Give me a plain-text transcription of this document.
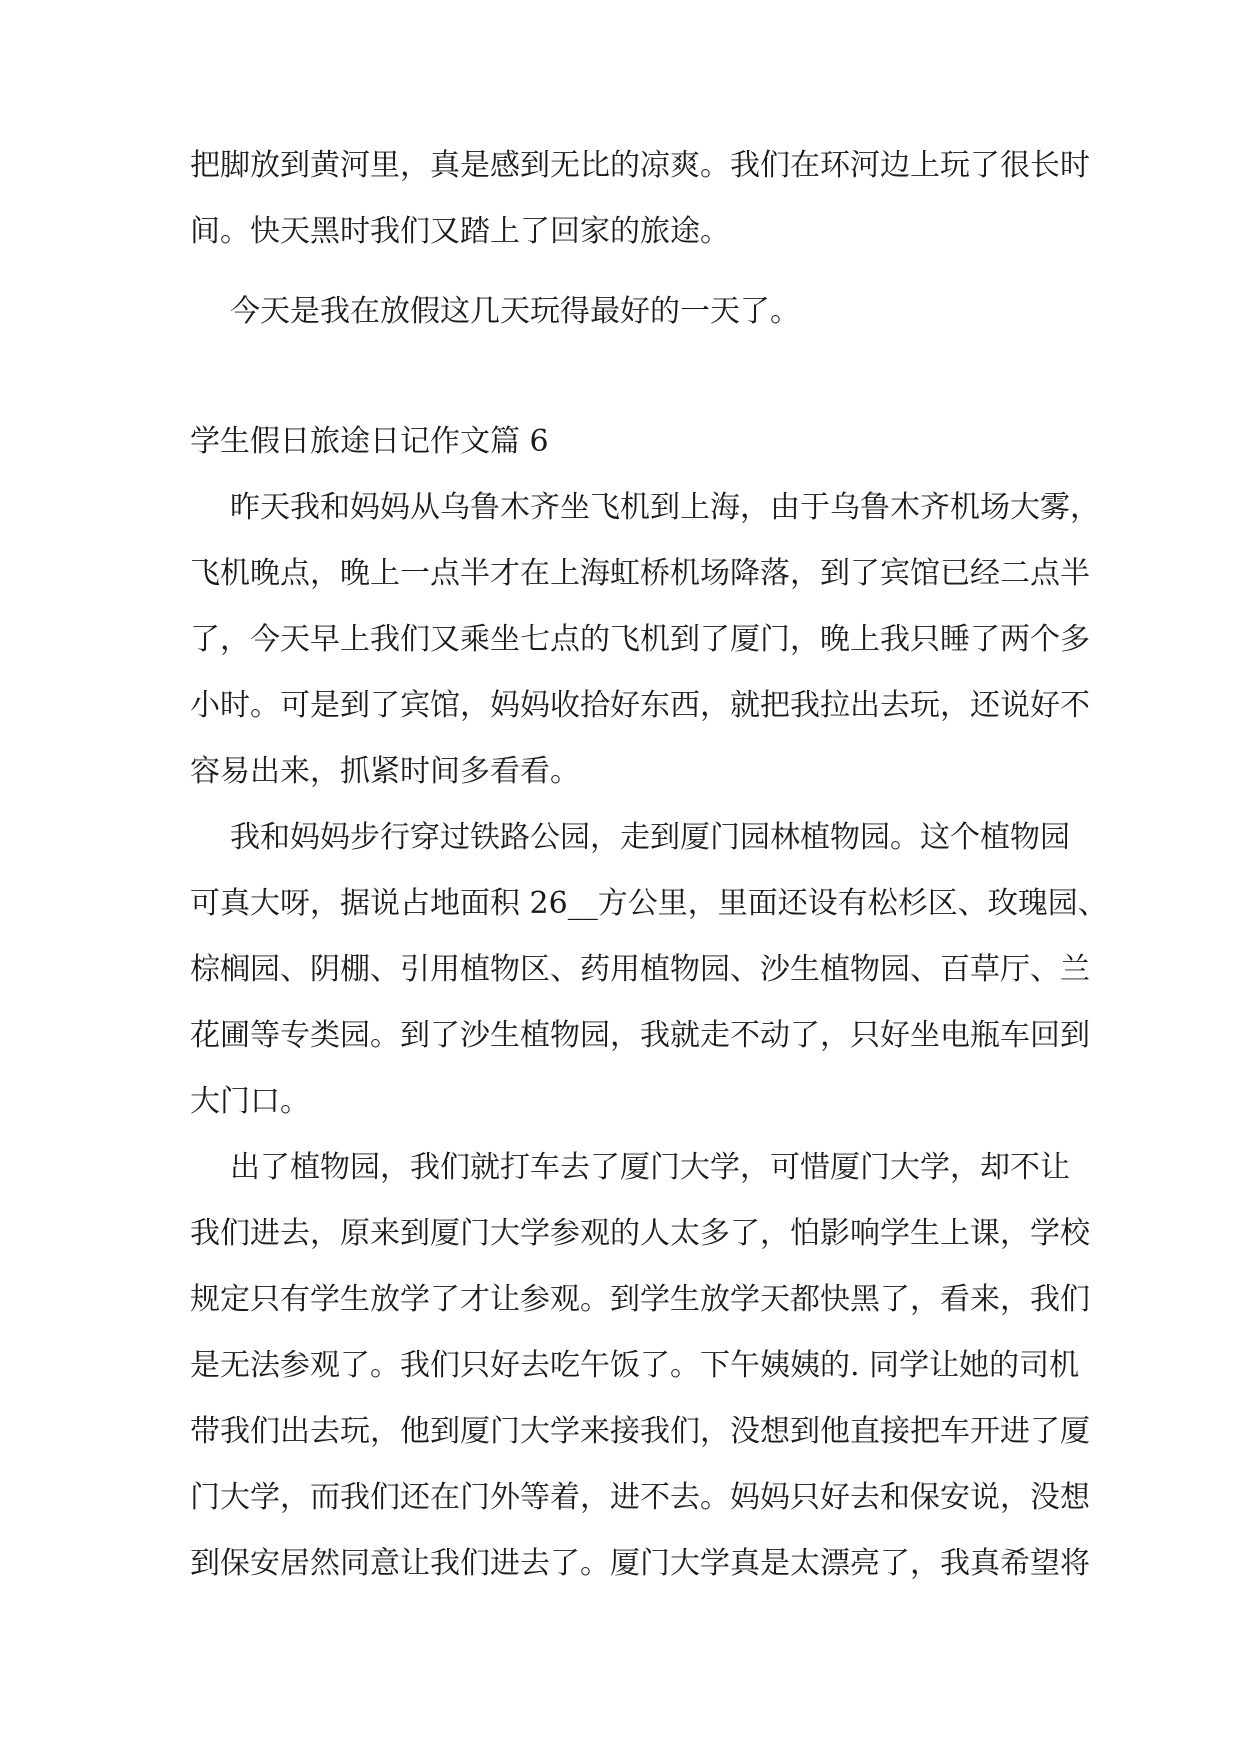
把脚放到黄河里，真是感到无比的凉爽。我们在环河边上玩了很长时

间。快天黑时我们又踏上了回家的旅途。

今天是我在放假这几天玩得最好的一天了。

学生假日旅途日记作文篇 6

昨天我和妈妈从乌鲁木齐坐飞机到上海，由于乌鲁木齐机场大雾，

飞机晚点，晚上一点半才在上海虹桥机场降落，到了宾馆已经二点半

了，今天早上我们又乘坐七点的飞机到了厦门，晚上我只睡了两个多

小时。可是到了宾馆，妈妈收拾好东西，就把我拉出去玩，还说好不

容易出来，抓紧时间多看看。

我和妈妈步行穿过铁路公园，走到厦门园林植物园。这个植物园

可真大呀，据说占地面积 26__方公里，里面还设有松杉区、玫瑰园、

棕榈园、阴棚、引用植物区、药用植物园、沙生植物园、百草厅、兰

花圃等专类园。到了沙生植物园，我就走不动了，只好坐电瓶车回到

大门口。

出了植物园，我们就打车去了厦门大学，可惜厦门大学，却不让

我们进去，原来到厦门大学参观的人太多了，怕影响学生上课，学校

规定只有学生放学了才让参观。到学生放学天都快黑了，看来，我们

是无法参观了。我们只好去吃午饭了。下午姨姨的. 同学让她的司机

带我们出去玩，他到厦门大学来接我们，没想到他直接把车开进了厦

门大学，而我们还在门外等着，进不去。妈妈只好去和保安说，没想

到保安居然同意让我们进去了。厦门大学真是太漂亮了，我真希望将
